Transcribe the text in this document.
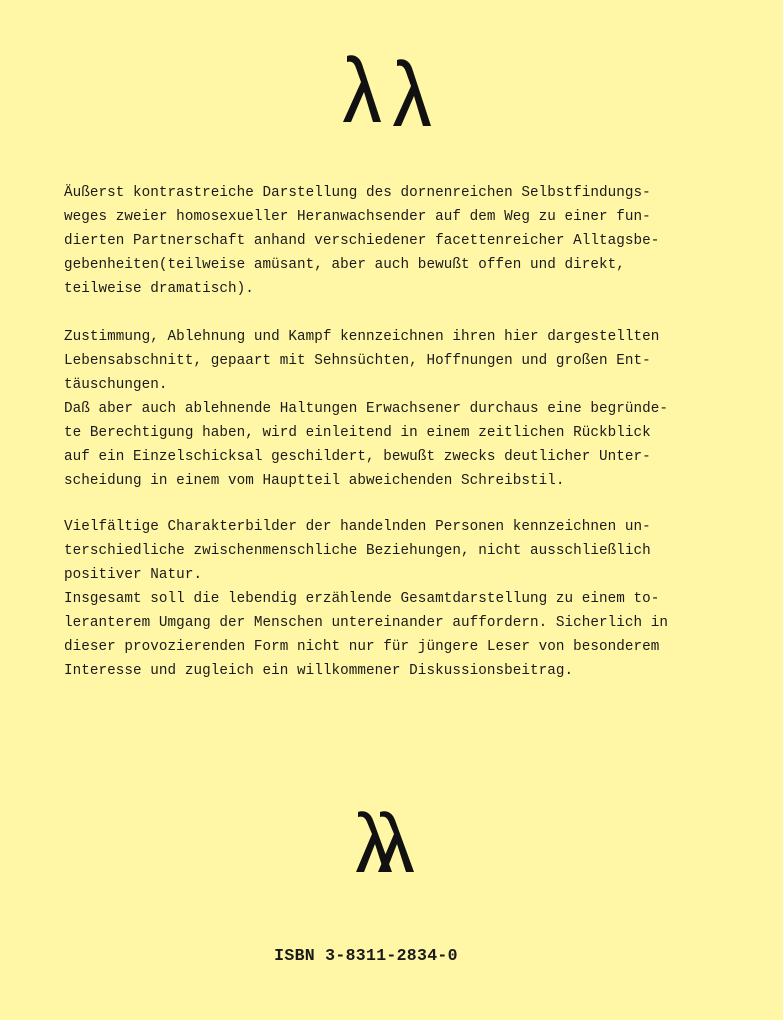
Äußerst kontrastreiche Darstellung des dornenreichen Selbstfindungs-
weges zweier homosexueller Heranwachsender auf dem Weg zu einer fun-
dierten Partnerschaft anhand verschiedener facettenreicher Alltagsbe-
gebenheiten(teilweise amüsant, aber auch bewußt offen und direkt,
teilweise dramatisch).
Zustimmung, Ablehnung und Kampf kennzeichnen ihren hier dargestellten
Lebensabschnitt, gepaart mit Sehnsüchten, Hoffnungen und großen Ent-
täuschungen.
Daß aber auch ablehnende Haltungen Erwachsener durchaus eine begründe-
te Berechtigung haben, wird einleitend in einem zeitlichen Rückblick
auf ein Einzelschicksal geschildert, bewußt zwecks deutlicher Unter-
scheidung in einem vom Hauptteil abweichenden Schreibstil.
Vielfältige Charakterbilder der handelnden Personen kennzeichnen un-
terschiedliche zwischenmenschliche Beziehungen, nicht ausschließlich
positiver Natur.
Insgesamt soll die lebendig erzählende Gesamtdarstellung zu einem to-
leranterem Umgang der Menschen untereinander auffordern. Sicherlich in
dieser provozierenden Form nicht nur für jüngere Leser von besonderem
Interesse und zugleich ein willkommener Diskussionsbeitrag.
ISBN 3-8311-2834-0
